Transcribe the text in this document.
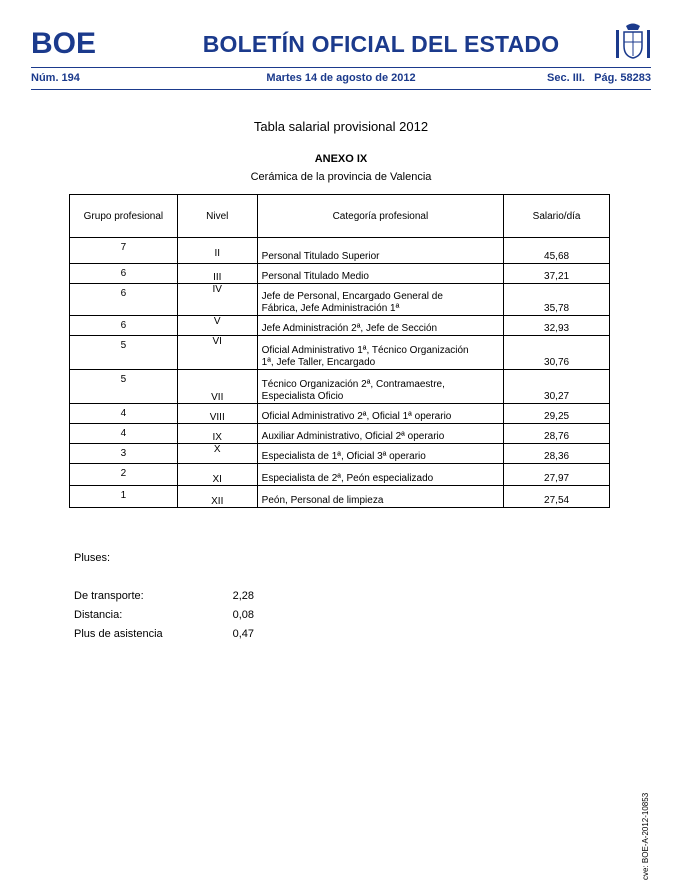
BOE	BOLETÍN OFICIAL DEL ESTADO
Núm. 194	Martes 14 de agosto de 2012	Sec. III.   Pág. 58283
Tabla salarial provisional 2012
ANEXO IX
Cerámica de la provincia de Valencia
Grupo profesional	Nivel	Categoría profesional	Salario/día
7	II	Personal Titulado Superior	45,68
6	III	Personal Titulado Medio	37,21
6	IV	Jefe de Personal, Encargado General de
Fábrica, Jefe Administración 1ª	35,78
6	V	Jefe Administración 2ª, Jefe de Sección	32,93
5	VI	Oficial Administrativo 1ª, Técnico Organización
1ª, Jefe Taller, Encargado	30,76
5	VII	Técnico Organización 2ª, Contramaestre,
Especialista Oficio	30,27
4	VIII	Oficial Administrativo 2ª, Oficial 1ª operario	29,25
4	IX	Auxiliar Administrativo, Oficial 2ª operario	28,76
3	X	Especialista de 1ª, Oficial 3ª operario	28,36
2	XI	Especialista de 2ª, Peón especializado	27,97
1	XII	Peón, Personal de limpieza	27,54
Pluses:
De transporte:	2,28
Distancia:	0,08
Plus de asistencia	0,47
cve: BOE-A-2012-10853
